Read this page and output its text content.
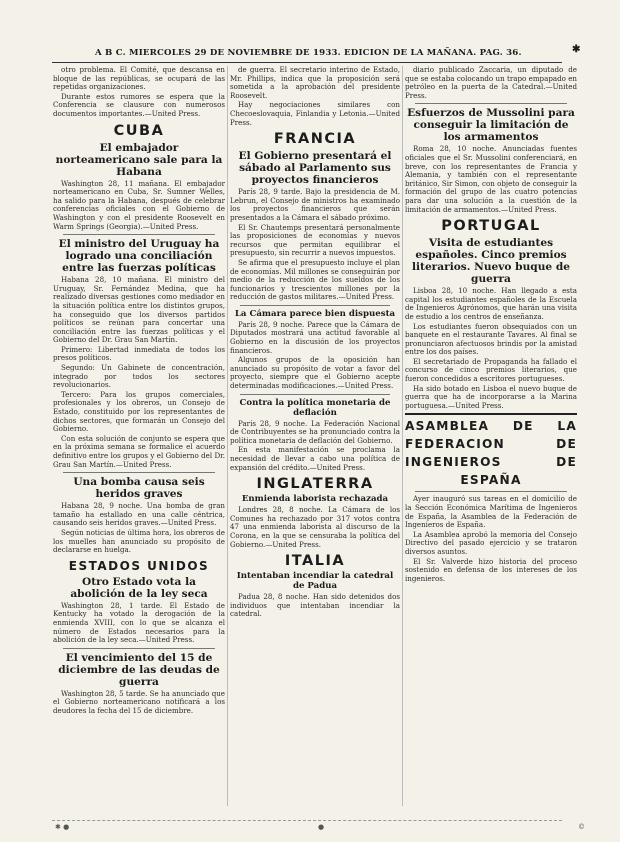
A B C. MIERCOLES 29 DE NOVIEMBRE DE 1933. EDICION DE LA MAÑANA. PAG. 36.	✱

otro problema. El Comité, que descansa en bloque de las repúblicas, se ocupará de las repetidas organizaciones.

Durante estos rumores se espera que la Conferencia se clausure con numerosos documentos importantes.—United Press.

CUBA
El embajador norteamericano sale para la Habana

Washington 28, 11 mañana. El embajador norteamericano en Cuba, Sr. Sumner Welles, ha salido para la Habana, después de celebrar conferencias oficiales con el Gobierno de Washington y con el presidente Roosevelt en Warm Springs (Georgia).—United Press.

El ministro del Uruguay ha logrado una conciliación entre las fuerzas políticas

Habana 28, 10 mañana. El ministro del Uruguay, Sr. Fernández Medina, que ha realizado diversas gestiones como mediador en la situación política entre los distintos grupos, ha conseguido que los diversos partidos políticos se reúnan para concertar una conciliación entre las fuerzas políticas y el Gobierno del Dr. Grau San Martín.

Primero: Libertad inmediata de todos los presos políticos.

Segundo: Un Gabinete de concentración, integrado por todos los sectores revolucionarios.

Tercero: Para los grupos comerciales, profesionales y los obreros, un Consejo de Estado, constituido por los representantes de dichos sectores, que formarán un Consejo del Gobierno.

Con esta solución de conjunto se espera que en la próxima semana se formalice el acuerdo definitivo entre los grupos y el Gobierno del Dr. Grau San Martín.—United Press.

Una bomba causa seis heridos graves

Habana 28, 9 noche. Una bomba de gran tamaño ha estallado en una calle céntrica, causando seis heridos graves.—United Press.

Según noticias de última hora, los obreros de los muelles han anunciado su propósito de declararse en huelga.

ESTADOS UNIDOS
Otro Estado vota la abolición de la ley seca

Washington 28, 1 tarde. El Estado de Kentucky ha votado la derogación de la enmienda XVIII, con lo que se alcanza el número de Estados necesarios para la abolición de la ley seca.—United Press.

El vencimiento del 15 de diciembre de las deudas de guerra

Washington 28, 5 tarde. Se ha anunciado que el Gobierno norteamericano notificará a los deudores la fecha del 15 de diciembre.

de guerra. El secretario interino de Estado, Mr. Phillips, indica que la proposición será sometida a la aprobación del presidente Roosevelt.

Hay negociaciones similares con Checoeslovaquia, Finlandia y Letonia.—United Press.

FRANCIA
El Gobierno presentará el sábado al Parlamento sus proyectos financieros

París 28, 9 tarde. Bajo la presidencia de M. Lebrun, el Consejo de ministros ha examinado los proyectos financieros que serán presentados a la Cámara el sábado próximo.

El Sr. Chautemps presentará personalmente las proposiciones de economías y nuevos recursos que permitan equilibrar el presupuesto, sin recurrir a nuevos impuestos.

Se afirma que el presupuesto incluye el plan de economías. Mil millones se conseguirán por medio de la reducción de los sueldos de los funcionarios y trescientos millones por la reducción de gastos militares.—United Press.

La Cámara parece bien dispuesta

París 28, 9 noche. Parece que la Cámara de Diputados mostrará una actitud favorable al Gobierno en la discusión de los proyectos financieros.

Algunos grupos de la oposición han anunciado su propósito de votar a favor del proyecto, siempre que el Gobierno acepte determinadas modificaciones.—United Press.

Contra la política monetaria de deflación

París 28, 9 noche. La Federación Nacional de Contribuyentes se ha pronunciado contra la política monetaria de deflación del Gobierno.

En esta manifestación se proclama la necesidad de llevar a cabo una política de expansión del crédito.—United Press.

INGLATERRA
Enmienda laborista rechazada

Londres 28, 8 noche. La Cámara de los Comunes ha rechazado por 317 votos contra 47 una enmienda laborista al discurso de la Corona, en la que se censuraba la política del Gobierno.—United Press.

ITALIA
Intentaban incendiar la catedral de Padua

Padua 28, 8 noche. Han sido detenidos dos individuos que intentaban incendiar la catedral.

diario publicado Zaccaria, un diputado de que se estaba colocando un trapo empapado en petróleo en la puerta de la Catedral.—United Press.

Esfuerzos de Mussolini para conseguir la limitación de los armamentos

Roma 28, 10 noche. Anunciadas fuentes oficiales que el Sr. Mussolini conferenciará, en breve, con los representantes de Francia y Alemania, y también con el representante británico, Sir Simon, con objeto de conseguir la formación del grupo de las cuatro potencias para dar una solución a la cuestión de la limitación de armamentos.—United Press.

PORTUGAL
Visita de estudiantes españoles. Cinco premios literarios. Nuevo buque de guerra

Lisboa 28, 10 noche. Han llegado a esta capital los estudiantes españoles de la Escuela de Ingenieros Agrónomos, que harán una visita de estudio a los centros de enseñanza.

Los estudiantes fueron obsequiados con un banquete en el restaurante Tavares. Al final se pronunciaron afectuosos brindis por la amistad entre los dos países.

El secretariado de Propaganda ha fallado el concurso de cinco premios literarios, que fueron concedidos a escritores portugueses.

Ha sido botado en Lisboa el nuevo buque de guerra que ha de incorporarse a la Marina portuguesa.—United Press.

ASAMBLEA DE LA
FEDERACION DE
INGENIEROS DE
ESPAÑA

Ayer inauguró sus tareas en el domicilio de la Sección Económica Marítima de Ingenieros de España, la Asamblea de la Federación de Ingenieros de España.

La Asamblea aprobó la memoria del Consejo Directivo del pasado ejercicio y se trataron diversos asuntos.

El Sr. Valverde hizo historia del proceso sostenido en defensa de los intereses de los ingenieros.

✱ ●	●	©
